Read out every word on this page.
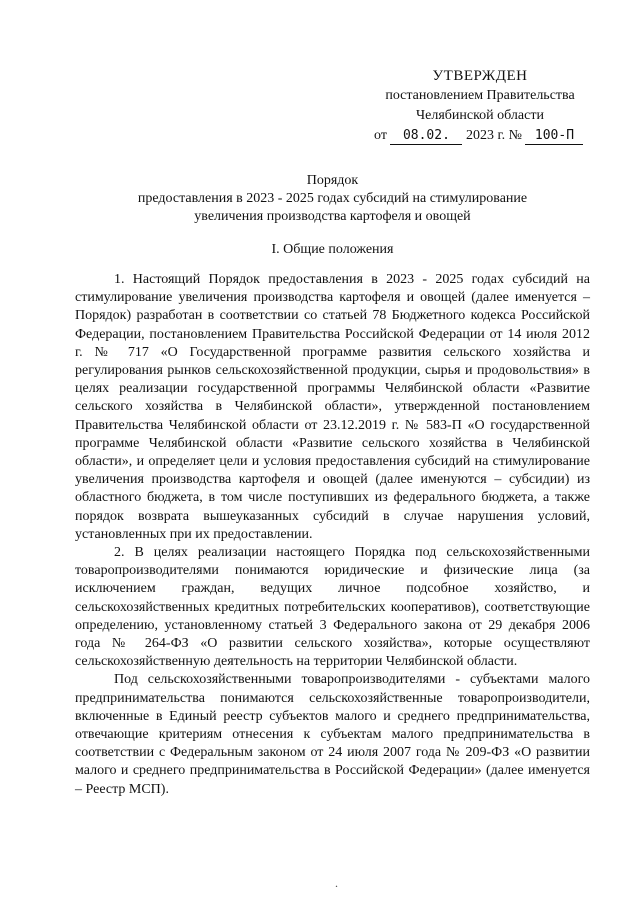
УТВЕРЖДЕН
постановлением Правительства
Челябинской области
от 08.02. 2023 г. № 100-П
Порядок
предоставления в 2023 - 2025 годах субсидий на стимулирование
увеличения производства картофеля и овощей
I. Общие положения

1. Настоящий Порядок предоставления в 2023 - 2025 годах субсидий на стимулирование увеличения производства картофеля и овощей (далее именуется – Порядок) разработан в соответствии со статьей 78 Бюджетного кодекса Российской Федерации, постановлением Правительства Российской Федерации от 14 июля 2012 г. № 717 «О Государственной программе развития сельского хозяйства и регулирования рынков сельскохозяйственной продукции, сырья и продовольствия» в целях реализации государственной программы Челябинской области «Развитие сельского хозяйства в Челябинской области», утвержденной постановлением Правительства Челябинской области от 23.12.2019 г. № 583-П «О государственной программе Челябинской области «Развитие сельского хозяйства в Челябинской области», и определяет цели и условия предоставления субсидий на стимулирование увеличения производства картофеля и овощей (далее именуются – субсидии) из областного бюджета, в том числе поступивших из федерального бюджета, а также порядок возврата вышеуказанных субсидий в случае нарушения условий, установленных при их предоставлении.

2. В целях реализации настоящего Порядка под сельскохозяйственными товаропроизводителями понимаются юридические и физические лица (за исключением граждан, ведущих личное подсобное хозяйство, и сельскохозяйственных кредитных потребительских кооперативов), соответствующие определению, установленному статьей 3 Федерального закона от 29 декабря 2006 года № 264-ФЗ «О развитии сельского хозяйства», которые осуществляют сельскохозяйственную деятельность на территории Челябинской области.

Под сельскохозяйственными товаропроизводителями - субъектами малого предпринимательства понимаются сельскохозяйственные товаропроизводители, включенные в Единый реестр субъектов малого и среднего предпринимательства, отвечающие критериям отнесения к субъектам малого предпринимательства в соответствии с Федеральным законом от 24 июля 2007 года № 209-ФЗ «О развитии малого и среднего предпринимательства в Российской Федерации» (далее именуется – Реестр МСП).

.
